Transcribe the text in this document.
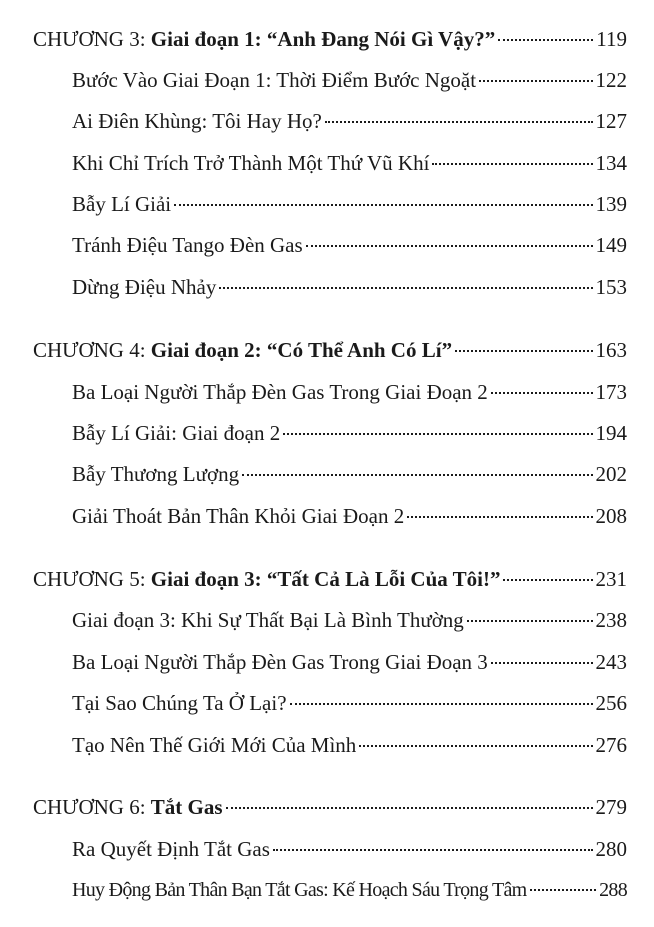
CHƯƠNG 3: Giai đoạn 1: “Anh Đang Nói Gì Vậy?”	119
Bước Vào Giai Đoạn 1: Thời Điểm Bước Ngoặt	122
Ai Điên Khùng: Tôi Hay Họ?	127
Khi Chỉ Trích Trở Thành Một Thứ Vũ Khí	134
Bẫy Lí Giải	139
Tránh Điệu Tango Đèn Gas	149
Dừng Điệu Nhảy	153
CHƯƠNG 4: Giai đoạn 2: “Có Thể Anh Có Lí”	163
Ba Loại Người Thắp Đèn Gas Trong Giai Đoạn 2	173
Bẫy Lí Giải: Giai đoạn 2	194
Bẫy Thương Lượng	202
Giải Thoát Bản Thân Khỏi Giai Đoạn 2	208
CHƯƠNG 5: Giai đoạn 3: “Tất Cả Là Lỗi Của Tôi!”	231
Giai đoạn 3: Khi Sự Thất Bại Là Bình Thường	238
Ba Loại Người Thắp Đèn Gas Trong Giai Đoạn 3	243
Tại Sao Chúng Ta Ở Lại?	256
Tạo Nên Thế Giới Mới Của Mình	276
CHƯƠNG 6: Tắt Gas	279
Ra Quyết Định Tắt Gas	280
Huy Động Bản Thân Bạn Tắt Gas: Kế Hoạch Sáu Trọng Tâm	288
